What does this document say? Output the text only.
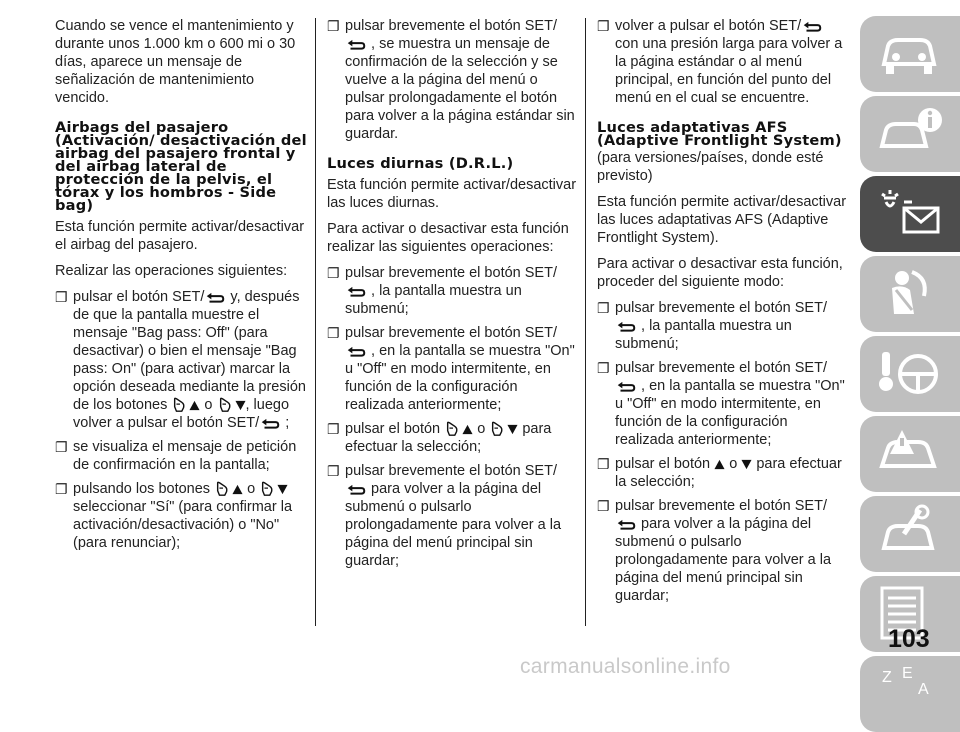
Cuando se vence el mantenimiento y durante unos 1.000 km o 600 mi o 30 días, aparece un mensaje de señalización de mantenimiento vencido.

Airbags del pasajero (Activación/ desactivación del airbag del pasajero frontal y del airbag lateral de protección de la pelvis, el tórax y los hombros - Side bag)

Esta función permite activar/desactivar el airbag del pasajero.

Realizar las operaciones siguientes:

❐ pulsar el botón SET/
y, después de que la pantalla muestre el mensaje "Bag pass: Off" (para desactivar) o bien el mensaje "Bag pass: On" (para activar) marcar la opción deseada mediante la presión de los botones	o , luego volver a pulsar el botón SET/
;
❐ se visualiza el mensaje de petición de confirmación en la pantalla;
❐ pulsando los botones	o
seleccionar "Sí" (para confirmar la activación/desactivación) o "No" (para renunciar);
❐ pulsar brevemente el botón SET/

, se muestra un mensaje de confirmación de la selección y se vuelve a la página del menú o pulsar prolongadamente el botón para volver a la página estándar sin guardar.
Luces diurnas (D.R.L.)

Esta función permite activar/desactivar las luces diurnas.

Para activar o desactivar esta función realizar las siguientes operaciones:

❐ pulsar brevemente el botón SET/

, la pantalla muestra un submenú;
❐ pulsar brevemente el botón SET/

, en la pantalla se muestra "On" u "Off" en modo intermitente, en función de la configuración realizada anteriormente;
❐ pulsar el botón	o	para efectuar la selección;
❐ pulsar brevemente el botón SET/
para volver a la página del submenú o pulsarlo prolongadamente para volver a la página del menú principal sin guardar;
❐ volver a pulsar el botón SET/
con una presión larga para volver a la página estándar o al menú principal, en función del punto del menú en el cual se encuentre.
Luces adaptativas AFS (Adaptive Frontlight System)

(para versiones/países, donde esté previsto)

Esta función permite activar/desactivar las luces adaptativas AFS (Adaptive Frontlight System).

Para activar o desactivar esta función, proceder del siguiente modo:

❐ pulsar brevemente el botón SET/

, la pantalla muestra un submenú;
❐ pulsar brevemente el botón SET/

, en la pantalla se muestra "On" u "Off" en modo intermitente, en función de la configuración realizada anteriormente;
❐ pulsar el botón o para efectuar la selección;
❐ pulsar brevemente el botón SET/
para volver a la página del submenú o pulsarlo prolongadamente para volver a la página del menú principal sin guardar;
Z E
A
103
carmanualsonline.info
